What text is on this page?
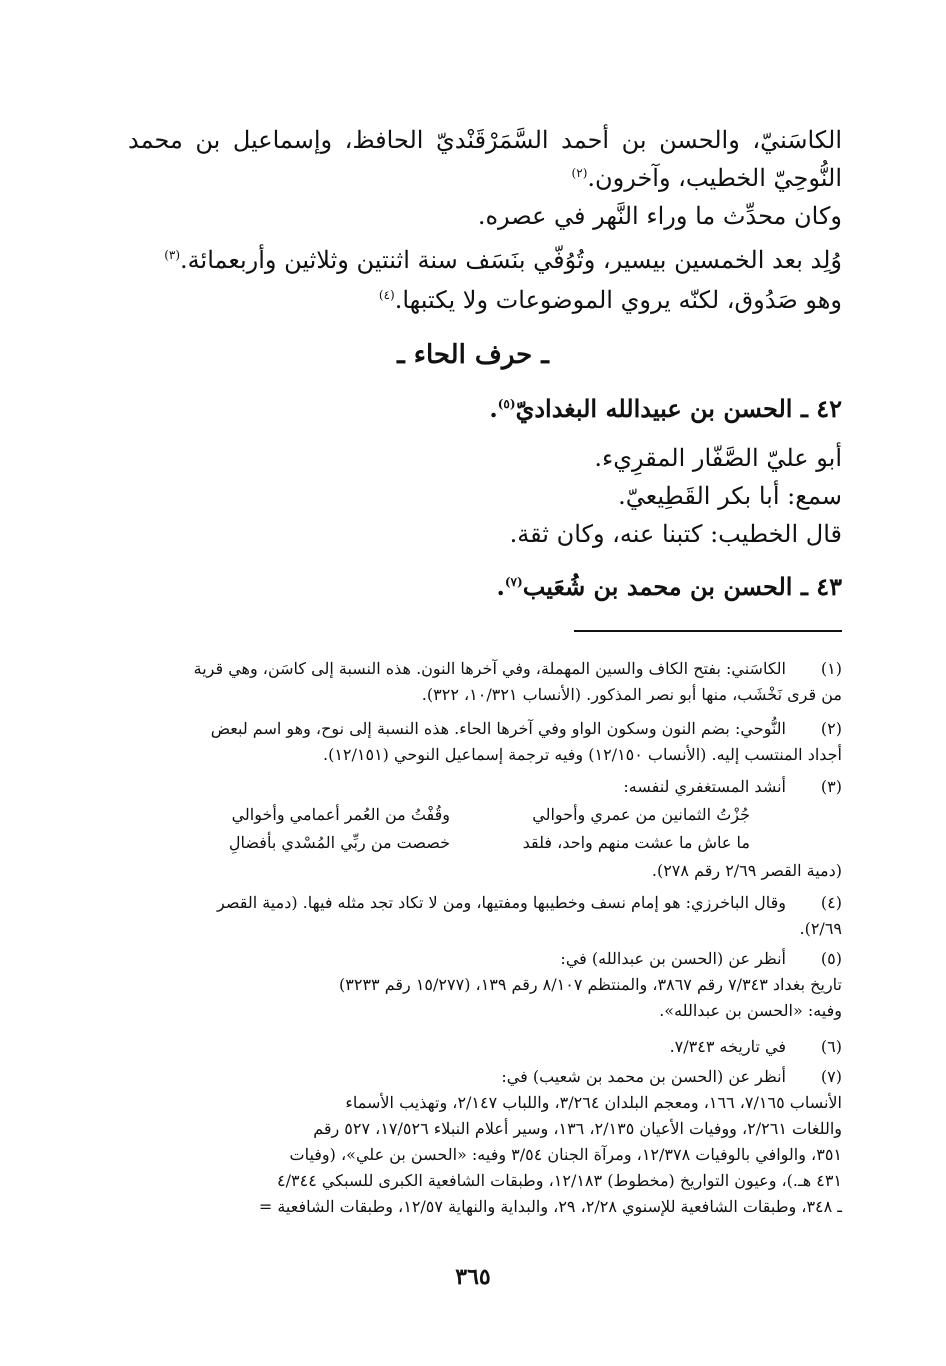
الكاسَنيّ، والحسن بن أحمد السَّمَرْقَنْديّ الحافظ، وإسماعيل بن محمد
النُّوحِيّ الخطيب، وآخرون.$^{(٢)}$
وكان محدِّث ما وراء النَّهر في عصره.
وُلِد بعد الخمسين بيسير، وتُوُفّي بنَسَف سنة اثنتين وثلاثين وأربعمائة.$^{(٣)}$
وهو صَدُوق، لكنّه يروي الموضوعات ولا يكتبها.$^{(٤)}$
ـ حرف الحاء ـ
٤٢ ـ الحسن بن عبيدالله البغداديّ$^{(٥)}$.
أبو عليّ الصَّفّار المقرِيء.
سمع: أبا بكر القَطِيعيّ.
قال الخطيب: كتبنا عنه، وكان ثقة.
٤٣ ـ الحسن بن محمد بن شُعَيب$^{(٧)}$.
(١)
الكاسَني: بفتح الكاف والسين المهملة، وفي آخرها النون. هذه النسبة إلى كاسَن، وهي قرية
من قرى نَخْشَب، منها أبو نصر المذكور. (الأنساب ١٠/٣٢١، ٣٢٢).
(٢)
النُّوحي: بضم النون وسكون الواو وفي آخرها الحاء. هذه النسبة إلى نوح، وهو اسم لبعض
أجداد المنتسب إليه. (الأنساب ١٢/١٥٠) وفيه ترجمة إسماعيل النوحي (١٢/١٥١).
(٣)
أنشد المستغفري لنفسه:
جُزْتُ الثمانين من عمري وأحوالي
وقُفْتُ من العُمر أعمامي وأخوالي
ما عاش ما عشت منهم واحد، فلقد
خصصت من ربِّي المُسْدي بأفضالِ
(دمية القصر ٢/٦٩ رقم ٢٧٨).
(٤)
وقال الباخرزي: هو إمام نسف وخطيبها ومفتيها، ومن لا تكاد تجد مثله فيها. (دمية القصر
٢/٦٩).
(٥)
أنظر عن (الحسن بن عبدالله) في:
تاريخ بغداد ٧/٣٤٣ رقم ٣٨٦٧، والمنتظم ٨/١٠٧ رقم ١٣٩، (١٥/٢٧٧ رقم ٣٢٣٣)
وفيه: «الحسن بن عبدالله».
(٦)
في تاريخه ٧/٣٤٣.
(٧)
أنظر عن (الحسن بن محمد بن شعيب) في:
الأنساب ٧/١٦٥، ١٦٦، ومعجم البلدان ٣/٢٦٤، واللباب ٢/١٤٧، وتهذيب الأسماء
واللغات ٢/٢٦١، ووفيات الأعيان ٢/١٣٥، ١٣٦، وسير أعلام النبلاء ١٧/٥٢٦، ٥٢٧ رقم
٣٥١، والوافي بالوفيات ١٢/٣٧٨، ومرآة الجنان ٣/٥٤ وفيه: «الحسن بن علي»، (وفيات
٤٣١ هـ.)، وعيون التواريخ (مخطوط) ١٢/١٨٣، وطبقات الشافعية الكبرى للسبكي ٤/٣٤٤
ـ ٣٤٨، وطبقات الشافعية للإسنوي ٢/٢٨، ٢٩، والبداية والنهاية ١٢/٥٧، وطبقات الشافعية =
٣٦٥
